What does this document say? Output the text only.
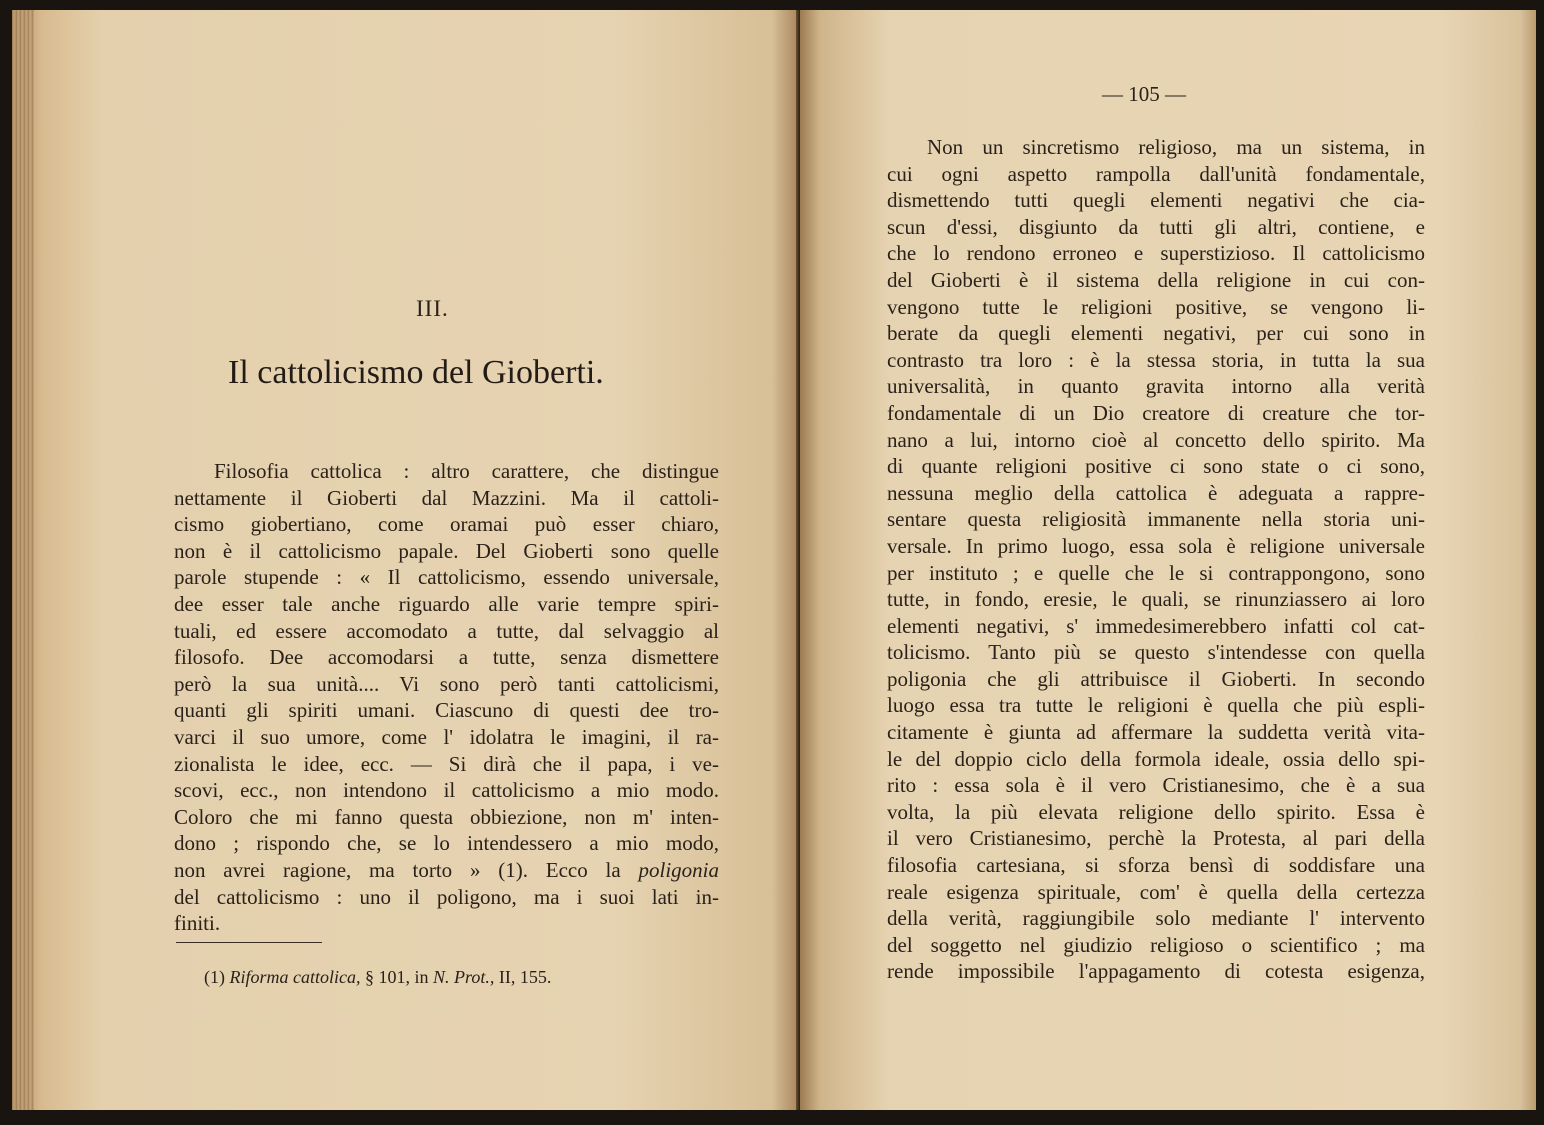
III.
Il cattolicismo del Gioberti.
Filosofia cattolica : altro carattere, che distingue
nettamente il Gioberti dal Mazzini. Ma il cattoli-
cismo giobertiano, come oramai può esser chiaro,
non è il cattolicismo papale. Del Gioberti sono quelle
parole stupende : « Il cattolicismo, essendo universale,
dee esser tale anche riguardo alle varie tempre spiri-
tuali, ed essere accomodato a tutte, dal selvaggio al
filosofo. Dee accomodarsi a tutte, senza dismettere
però la sua unità.... Vi sono però tanti cattolicismi,
quanti gli spiriti umani. Ciascuno di questi dee tro-
varci il suo umore, come l' idolatra le imagini, il ra-
zionalista le idee, ecc. — Si dirà che il papa, i ve-
scovi, ecc., non intendono il cattolicismo a mio modo.
Coloro che mi fanno questa obbiezione, non m' inten-
dono ; rispondo che, se lo intendessero a mio modo,
non avrei ragione, ma torto » (1). Ecco la poligonia
del cattolicismo : uno il poligono, ma i suoi lati in-
finiti.
(1) Riforma cattolica, § 101, in N. Prot., II, 155.
— 105 —
Non un sincretismo religioso, ma un sistema, in
cui ogni aspetto rampolla dall'unità fondamentale,
dismettendo tutti quegli elementi negativi che cia-
scun d'essi, disgiunto da tutti gli altri, contiene, e
che lo rendono erroneo e superstizioso. Il cattolicismo
del Gioberti è il sistema della religione in cui con-
vengono tutte le religioni positive, se vengono li-
berate da quegli elementi negativi, per cui sono in
contrasto tra loro : è la stessa storia, in tutta la sua
universalità, in quanto gravita intorno alla verità
fondamentale di un Dio creatore di creature che tor-
nano a lui, intorno cioè al concetto dello spirito. Ma
di quante religioni positive ci sono state o ci sono,
nessuna meglio della cattolica è adeguata a rappre-
sentare questa religiosità immanente nella storia uni-
versale. In primo luogo, essa sola è religione universale
per instituto ; e quelle che le si contrappongono, sono
tutte, in fondo, eresie, le quali, se rinunziassero ai loro
elementi negativi, s' immedesimerebbero infatti col cat-
tolicismo. Tanto più se questo s'intendesse con quella
poligonia che gli attribuisce il Gioberti. In secondo
luogo essa tra tutte le religioni è quella che più espli-
citamente è giunta ad affermare la suddetta verità vita-
le del doppio ciclo della formola ideale, ossia dello spi-
rito : essa sola è il vero Cristianesimo, che è a sua
volta, la più elevata religione dello spirito. Essa è
il vero Cristianesimo, perchè la Protesta, al pari della
filosofia cartesiana, si sforza bensì di soddisfare una
reale esigenza spirituale, com' è quella della certezza
della verità, raggiungibile solo mediante l' intervento
del soggetto nel giudizio religioso o scientifico ; ma
rende impossibile l'appagamento di cotesta esigenza,
